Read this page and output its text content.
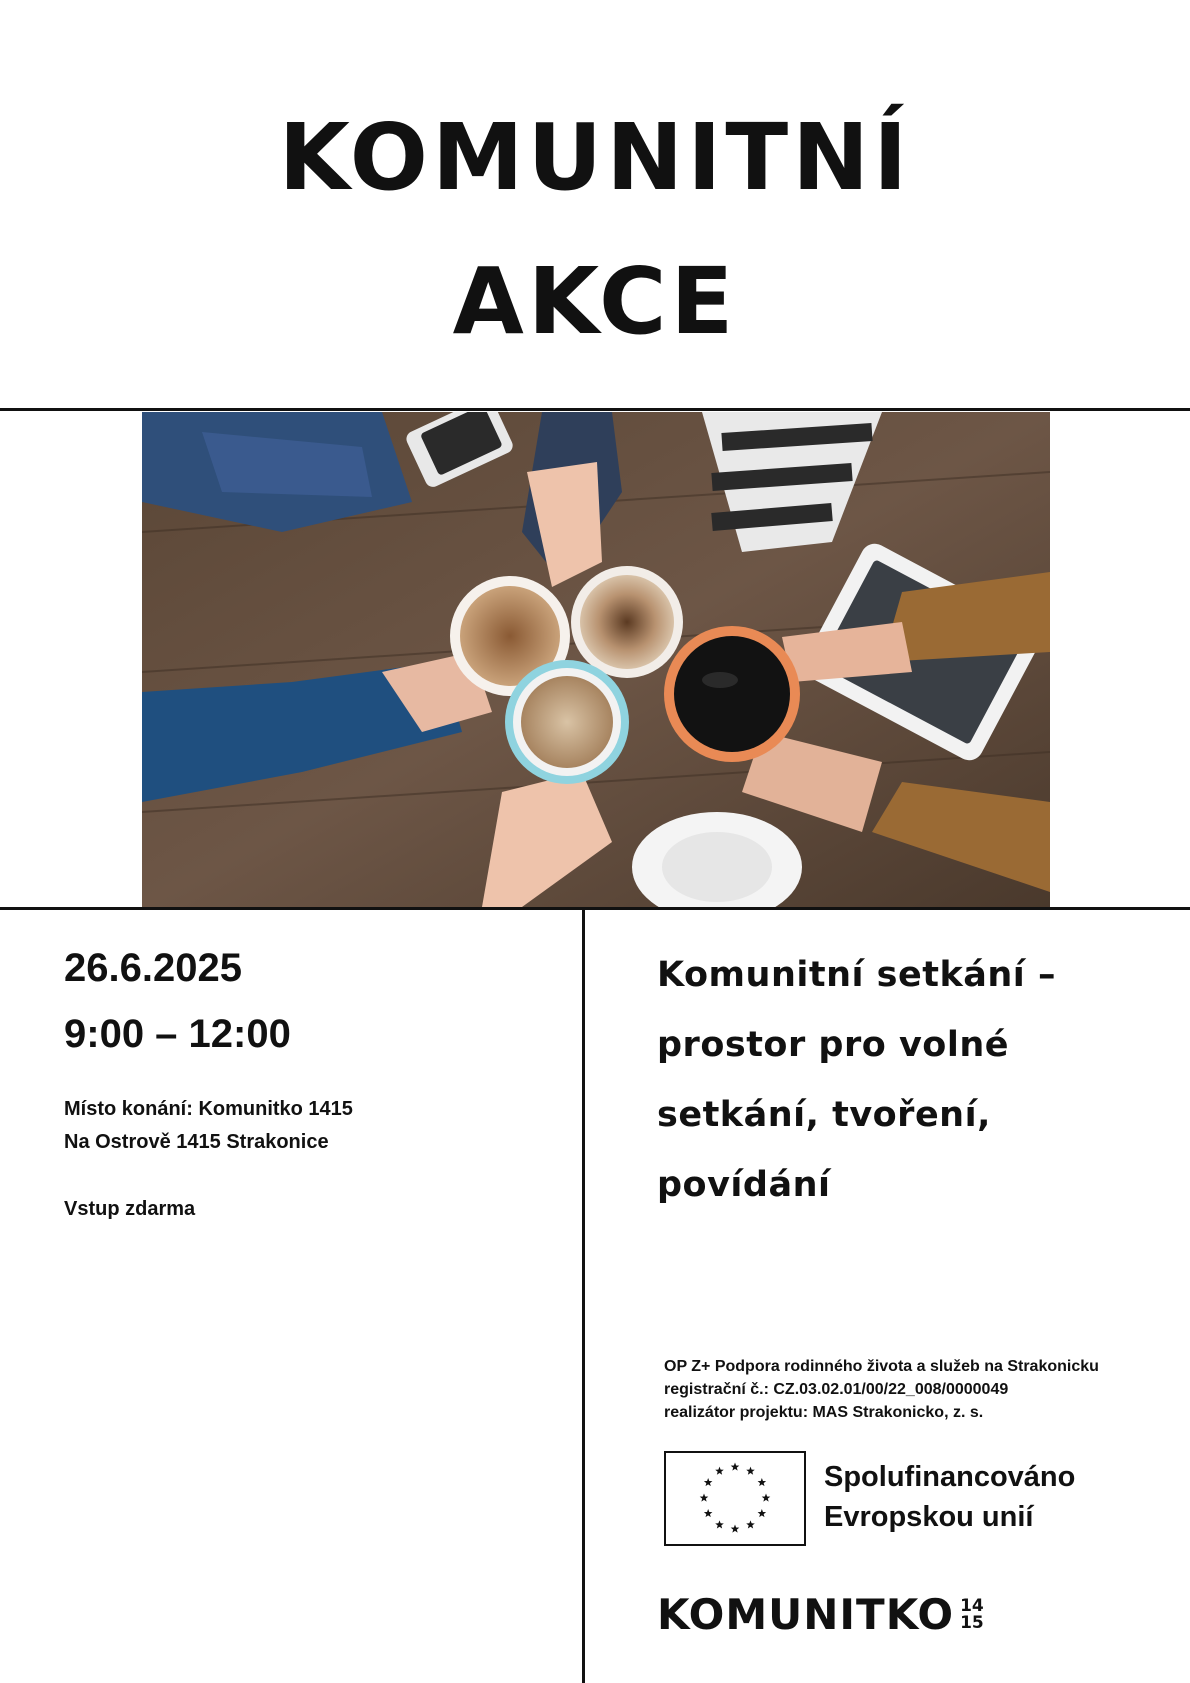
KOMUNITNÍ
AKCE
26.6.2025
9:00 – 12:00
Místo konání: Komunitko 1415
Na Ostrově 1415 Strakonice
Vstup zdarma
Komunitní setkání –
prostor pro volné
setkání, tvoření,
povídání
OP Z+ Podpora rodinného života a služeb na Strakonicku
registrační č.: CZ.03.02.01/00/22_008/0000049
realizátor projektu: MAS Strakonicko, z. s.
Spolufinancováno
Evropskou unií
KOMUNITKO 14
15
